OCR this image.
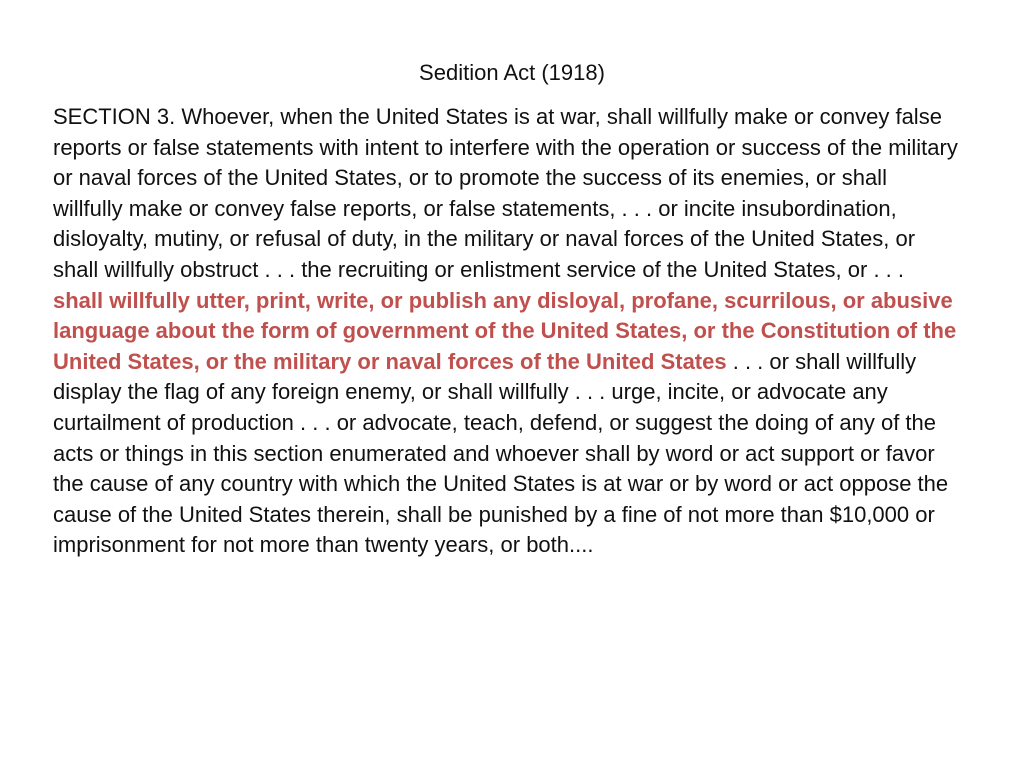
Sedition Act (1918)

SECTION 3. Whoever, when the United States is at war, shall willfully make or convey false reports or false statements with intent to interfere with the operation or success of the military or naval forces of the United States, or to promote the success of its enemies, or shall willfully make or convey false reports, or false statements, . . . or incite insubordination, disloyalty, mutiny, or refusal of duty, in the military or naval forces of the United States, or shall willfully obstruct . . . the recruiting or enlistment service of the United States, or . . . shall willfully utter, print, write, or publish any disloyal, profane, scurrilous, or abusive language about the form of government of the United States, or the Constitution of the United States, or the military or naval forces of the United States . . . or shall willfully display the flag of any foreign enemy, or shall willfully . . . urge, incite, or advocate any curtailment of production . . . or advocate, teach, defend, or suggest the doing of any of the acts or things in this section enumerated and whoever shall by word or act support or favor the cause of any country with which the United States is at war or by word or act oppose the cause of the United States therein, shall be punished by a fine of not more than $10,000 or imprisonment for not more than twenty years, or both....
